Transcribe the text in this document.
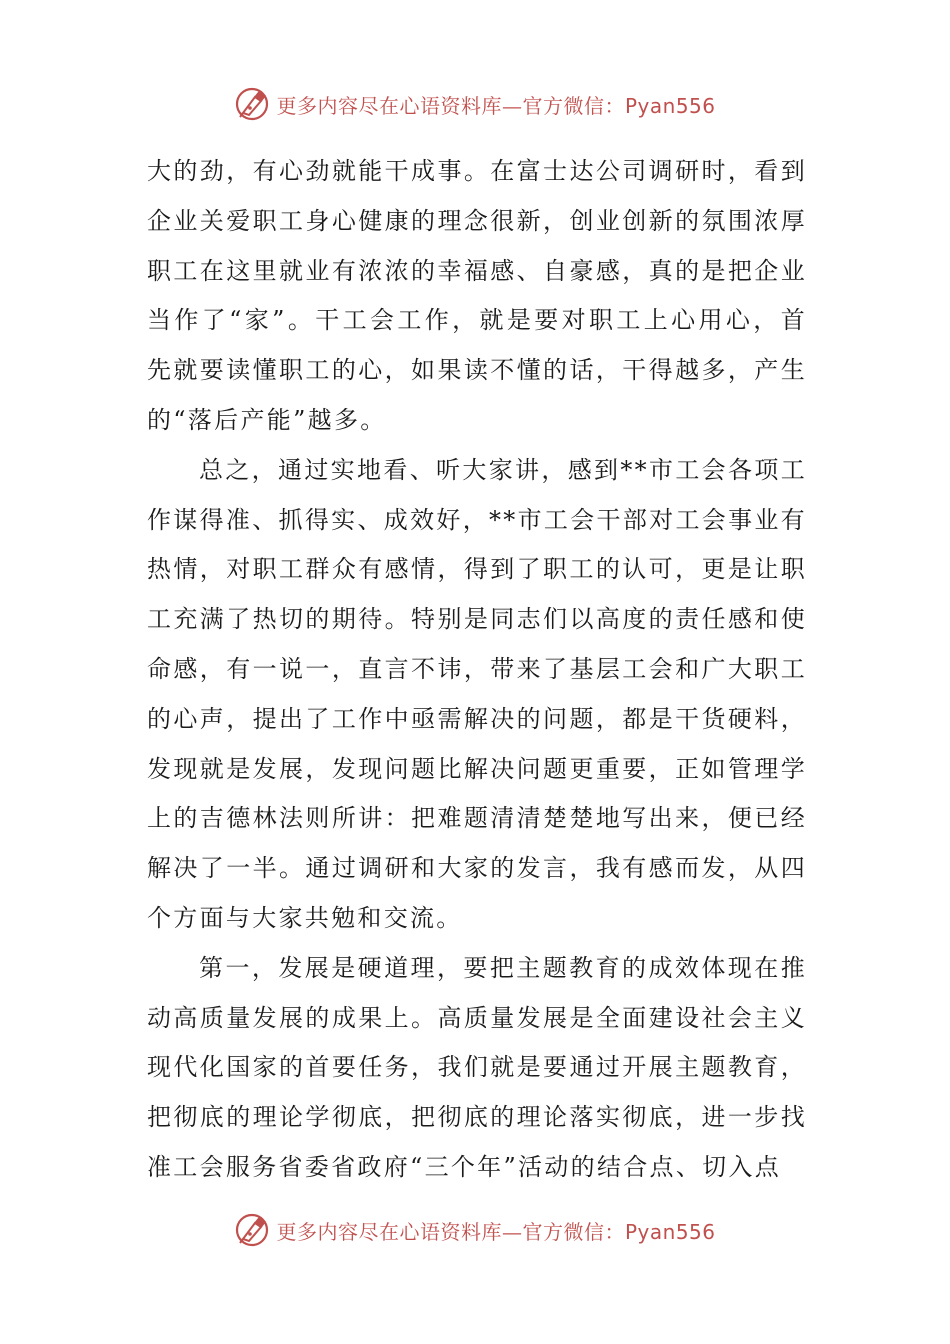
更多内容尽在心语资料库—官方微信：Pyan556

大的劲，有心劲就能干成事。在富士达公司调研时，看到企业关爱职工身心健康的理念很新，创业创新的氛围浓厚职工在这里就业有浓浓的幸福感、自豪感，真的是把企业当作了“家”。干工会工作，就是要对职工上心用心，首先就要读懂职工的心，如果读不懂的话，干得越多，产生的“落后产能”越多。

总之，通过实地看、听大家讲，感到**市工会各项工作谋得准、抓得实、成效好，**市工会干部对工会事业有热情，对职工群众有感情，得到了职工的认可，更是让职工充满了热切的期待。特别是同志们以高度的责任感和使命感，有一说一，直言不讳，带来了基层工会和广大职工的心声，提出了工作中亟需解决的问题，都是干货硬料，发现就是发展，发现问题比解决问题更重要，正如管理学上的吉德林法则所讲：把难题清清楚楚地写出来，便已经解决了一半。通过调研和大家的发言，我有感而发，从四个方面与大家共勉和交流。

第一，发展是硬道理，要把主题教育的成效体现在推动高质量发展的成果上。高质量发展是全面建设社会主义现代化国家的首要任务，我们就是要通过开展主题教育，把彻底的理论学彻底，把彻底的理论落实彻底，进一步找准工会服务省委省政府“三个年”活动的结合点、切入点

更多内容尽在心语资料库—官方微信：Pyan556
